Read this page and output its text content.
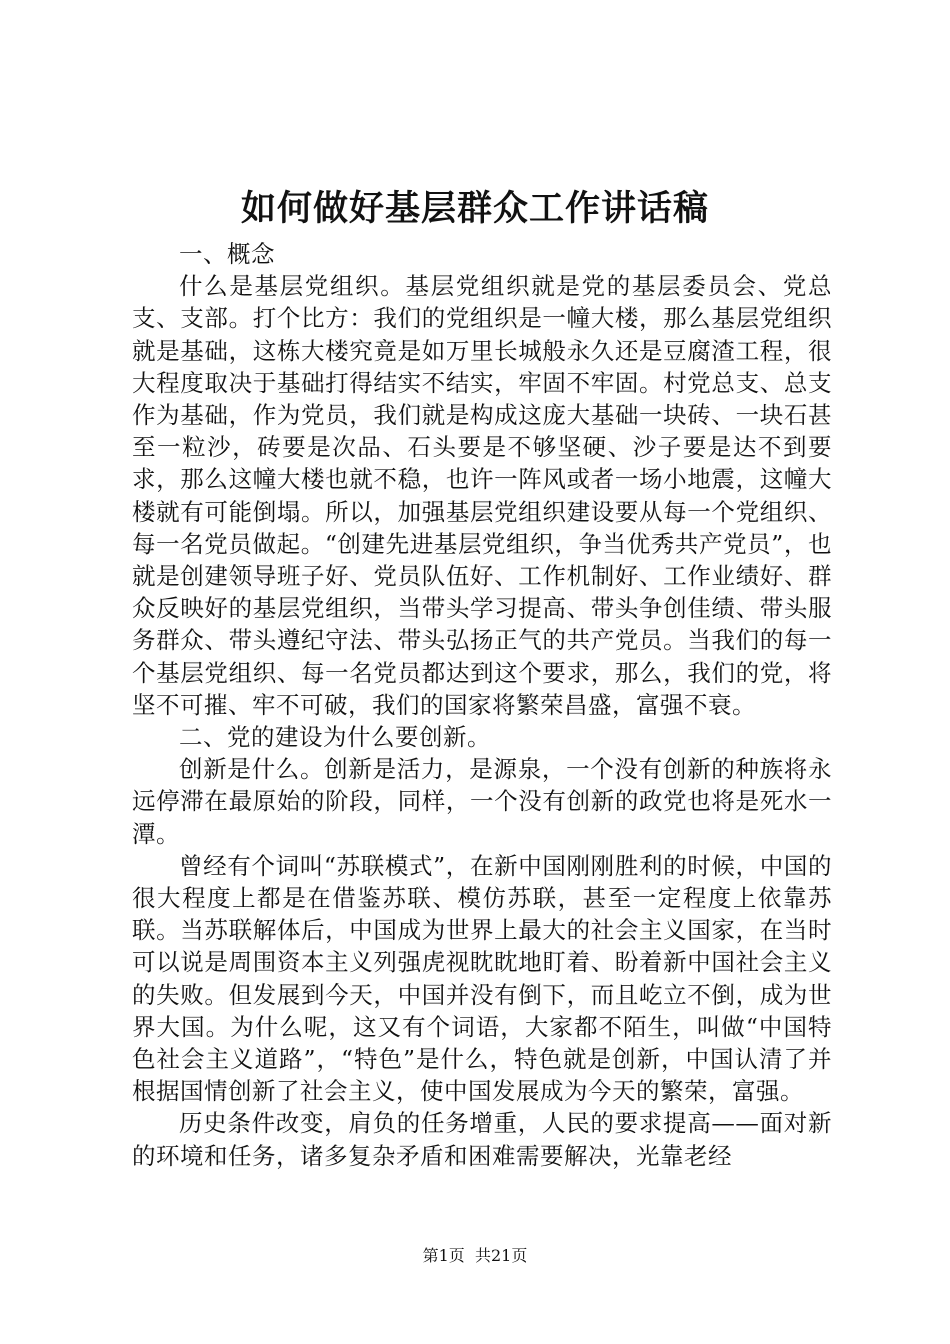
如何做好基层群众工作讲话稿

一、概念

什么是基层党组织。基层党组织就是党的基层委员会、党总支、支部。打个比方：我们的党组织是一幢大楼，那么基层党组织就是基础，这栋大楼究竟是如万里长城般永久还是豆腐渣工程，很大程度取决于基础打得结实不结实，牢固不牢固。村党总支、总支作为基础，作为党员，我们就是构成这庞大基础一块砖、一块石甚至一粒沙，砖要是次品、石头要是不够坚硬、沙子要是达不到要求，那么这幢大楼也就不稳，也许一阵风或者一场小地震，这幢大楼就有可能倒塌。所以，加强基层党组织建设要从每一个党组织、每一名党员做起。“创建先进基层党组织，争当优秀共产党员”，也就是创建领导班子好、党员队伍好、工作机制好、工作业绩好、群众反映好的基层党组织，当带头学习提高、带头争创佳绩、带头服务群众、带头遵纪守法、带头弘扬正气的共产党员。当我们的每一个基层党组织、每一名党员都达到这个要求，那么，我们的党，将坚不可摧、牢不可破，我们的国家将繁荣昌盛，富强不衰。

二、党的建设为什么要创新。

创新是什么。创新是活力，是源泉，一个没有创新的种族将永远停滞在最原始的阶段，同样，一个没有创新的政党也将是死水一潭。

曾经有个词叫“苏联模式”，在新中国刚刚胜利的时候，中国的很大程度上都是在借鉴苏联、模仿苏联，甚至一定程度上依靠苏联。当苏联解体后，中国成为世界上最大的社会主义国家，在当时可以说是周围资本主义列强虎视眈眈地盯着、盼着新中国社会主义的失败。但发展到今天，中国并没有倒下，而且屹立不倒，成为世界大国。为什么呢，这又有个词语，大家都不陌生，叫做“中国特色社会主义道路”，“特色”是什么，特色就是创新，中国认清了并根据国情创新了社会主义，使中国发展成为今天的繁荣，富强。

历史条件改变，肩负的任务增重，人民的要求提高——面对新的环境和任务，诸多复杂矛盾和困难需要解决，光靠老经

第1页 共21页
